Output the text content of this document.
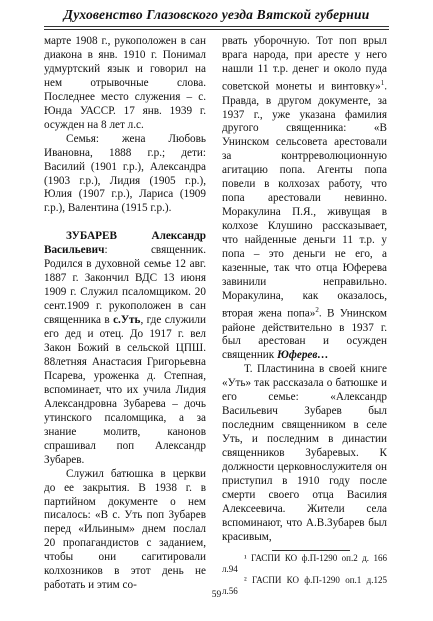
Духовенство Глазовского уезда Вятской губернии

марте 1908 г., рукоположен в сан диакона в янв. 1910 г. Понимал удмуртский язык и говорил на нем отрывочные слова. Последнее место служения – с. Юнда УАССР. 17 янв. 1939 г. осужден на 8 лет л.с.

Семья: жена Любовь Ивановна, 1888 г.р.; дети: Василий (1901 г.р.), Александра (1903 г.р.), Лидия (1905 г.р.), Юлия (1907 г.р.), Лариса (1909 г.р.), Валентина (1915 г.р.).

ЗУБАРЕВ Александр Васильевич: священник. Родился в духовной семье 12 авг. 1887 г. Закончил ВДС 13 июня 1909 г. Служил псаломщиком. 20 сент.1909 г. рукоположен в сан священника в с.Уть, где служили его дед и отец. До 1917 г. вел Закон Божий в сельской ЦПШ. 88летняя Анастасия Григорьевна Псарева, уроженка д. Степная, вспоминает, что их учила Лидия Александровна Зубарева – дочь утинского псаломщика, а за знание молитв, канонов спрашивал поп Александр Зубарев.

Служил батюшка в церкви до ее закрытия. В 1938 г. в партийном документе о нем писалось: «В с. Уть поп Зубарев перед «Ильиным» днем послал 20 пропагандистов с заданием, чтобы они сагитировали колхозников в этот день не работать и этим со-

рвать уборочную. Тот поп врыл врага народа, при аресте у него нашли 11 т.р. денег и около пуда советской монеты и винтовку»$^1$. Правда, в другом документе, за 1937 г., уже указана фамилия другого священника: «В Унинском сельсовета арестовали за контрреволюционную агитацию попа. Агенты попа повели в колхозах работу, что попа арестовали невинно. Моракулина П.Я., живущая в колхозе Клушино рассказывает, что найденные деньги 11 т.р. у попа – это деньги не его, а казенные, так что отца Юферева завинили неправильно. Моракулина, как оказалось, вторая жена попа»$^2$. В Унинском районе действительно в 1937 г. был арестован и осужден священник Юферев…

Т. Пластинина в своей книге «Уть» так рассказала о батюшке и его семье: «Александр Васильевич Зубарев был последним священником в селе Уть, и последним в династии священников Зубаревых. К должности церковнослужителя он приступил в 1910 году после смерти своего отца Василия Алексеевича. Жители села вспоминают, что А.В.Зубарев был красивым,

¹ ГАСПИ КО ф.П-1290 оп.2 д. 166 л.94

² ГАСПИ КО ф.П-1290 оп.1 д.125 л.56

59
